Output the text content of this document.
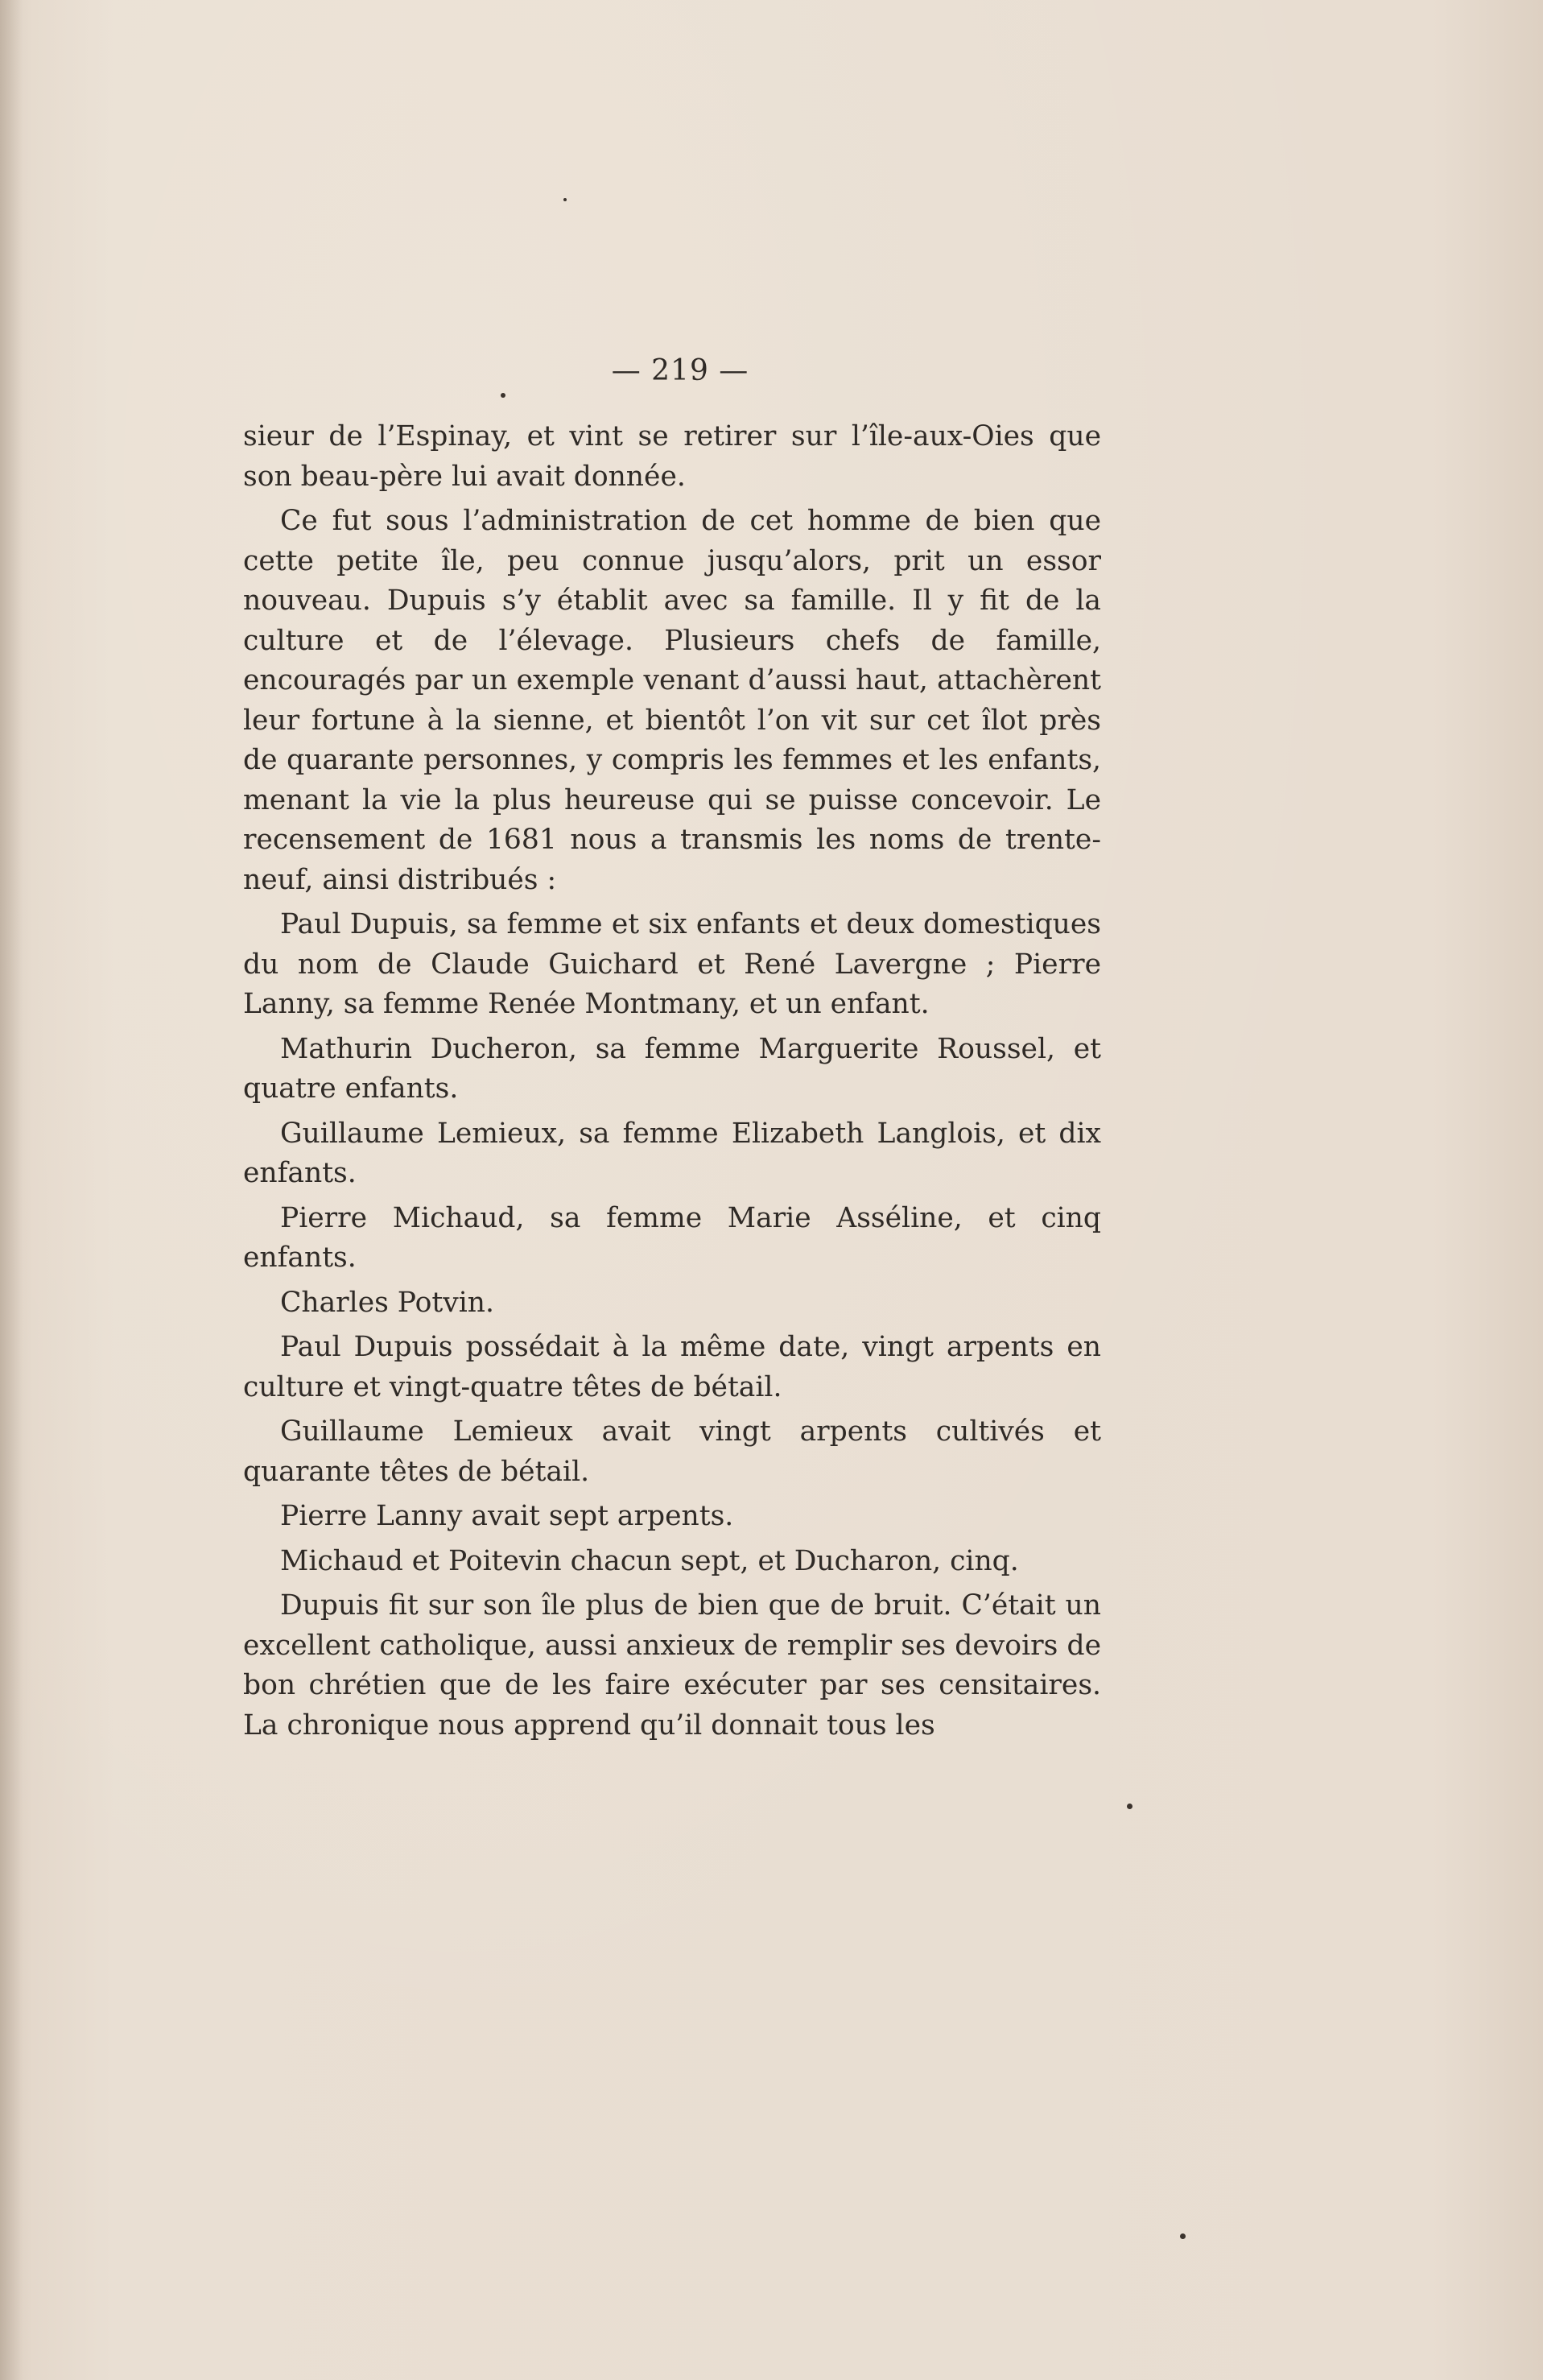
— 219 —

sieur de l’Espinay, et vint se retirer sur l’île-aux-Oies que son beau-père lui avait donnée.

Ce fut sous l’administration de cet homme de bien que cette petite île, peu connue jusqu’alors, prit un essor nouveau. Dupuis s’y établit avec sa famille. Il y fit de la culture et de l’élevage. Plusieurs chefs de famille, encouragés par un exemple venant d’aussi haut, attachèrent leur fortune à la sienne, et bientôt l’on vit sur cet îlot près de quarante personnes, y compris les femmes et les enfants, menant la vie la plus heureuse qui se puisse concevoir. Le recensement de 1681 nous a transmis les noms de trente-neuf, ainsi distribués :

Paul Dupuis, sa femme et six enfants et deux domestiques du nom de Claude Guichard et René Lavergne ; Pierre Lanny, sa femme Renée Montmany, et un enfant.

Mathurin Ducheron, sa femme Marguerite Roussel, et quatre enfants.

Guillaume Lemieux, sa femme Elizabeth Langlois, et dix enfants.

Pierre Michaud, sa femme Marie Asséline, et cinq enfants.

Charles Potvin.

Paul Dupuis possédait à la même date, vingt arpents en culture et vingt-quatre têtes de bétail.

Guillaume Lemieux avait vingt arpents cultivés et quarante têtes de bétail.

Pierre Lanny avait sept arpents.

Michaud et Poitevin chacun sept, et Ducharon, cinq.

Dupuis fit sur son île plus de bien que de bruit. C’était un excellent catholique, aussi anxieux de remplir ses devoirs de bon chrétien que de les faire exécuter par ses censitaires. La chronique nous apprend qu’il donnait tous les
